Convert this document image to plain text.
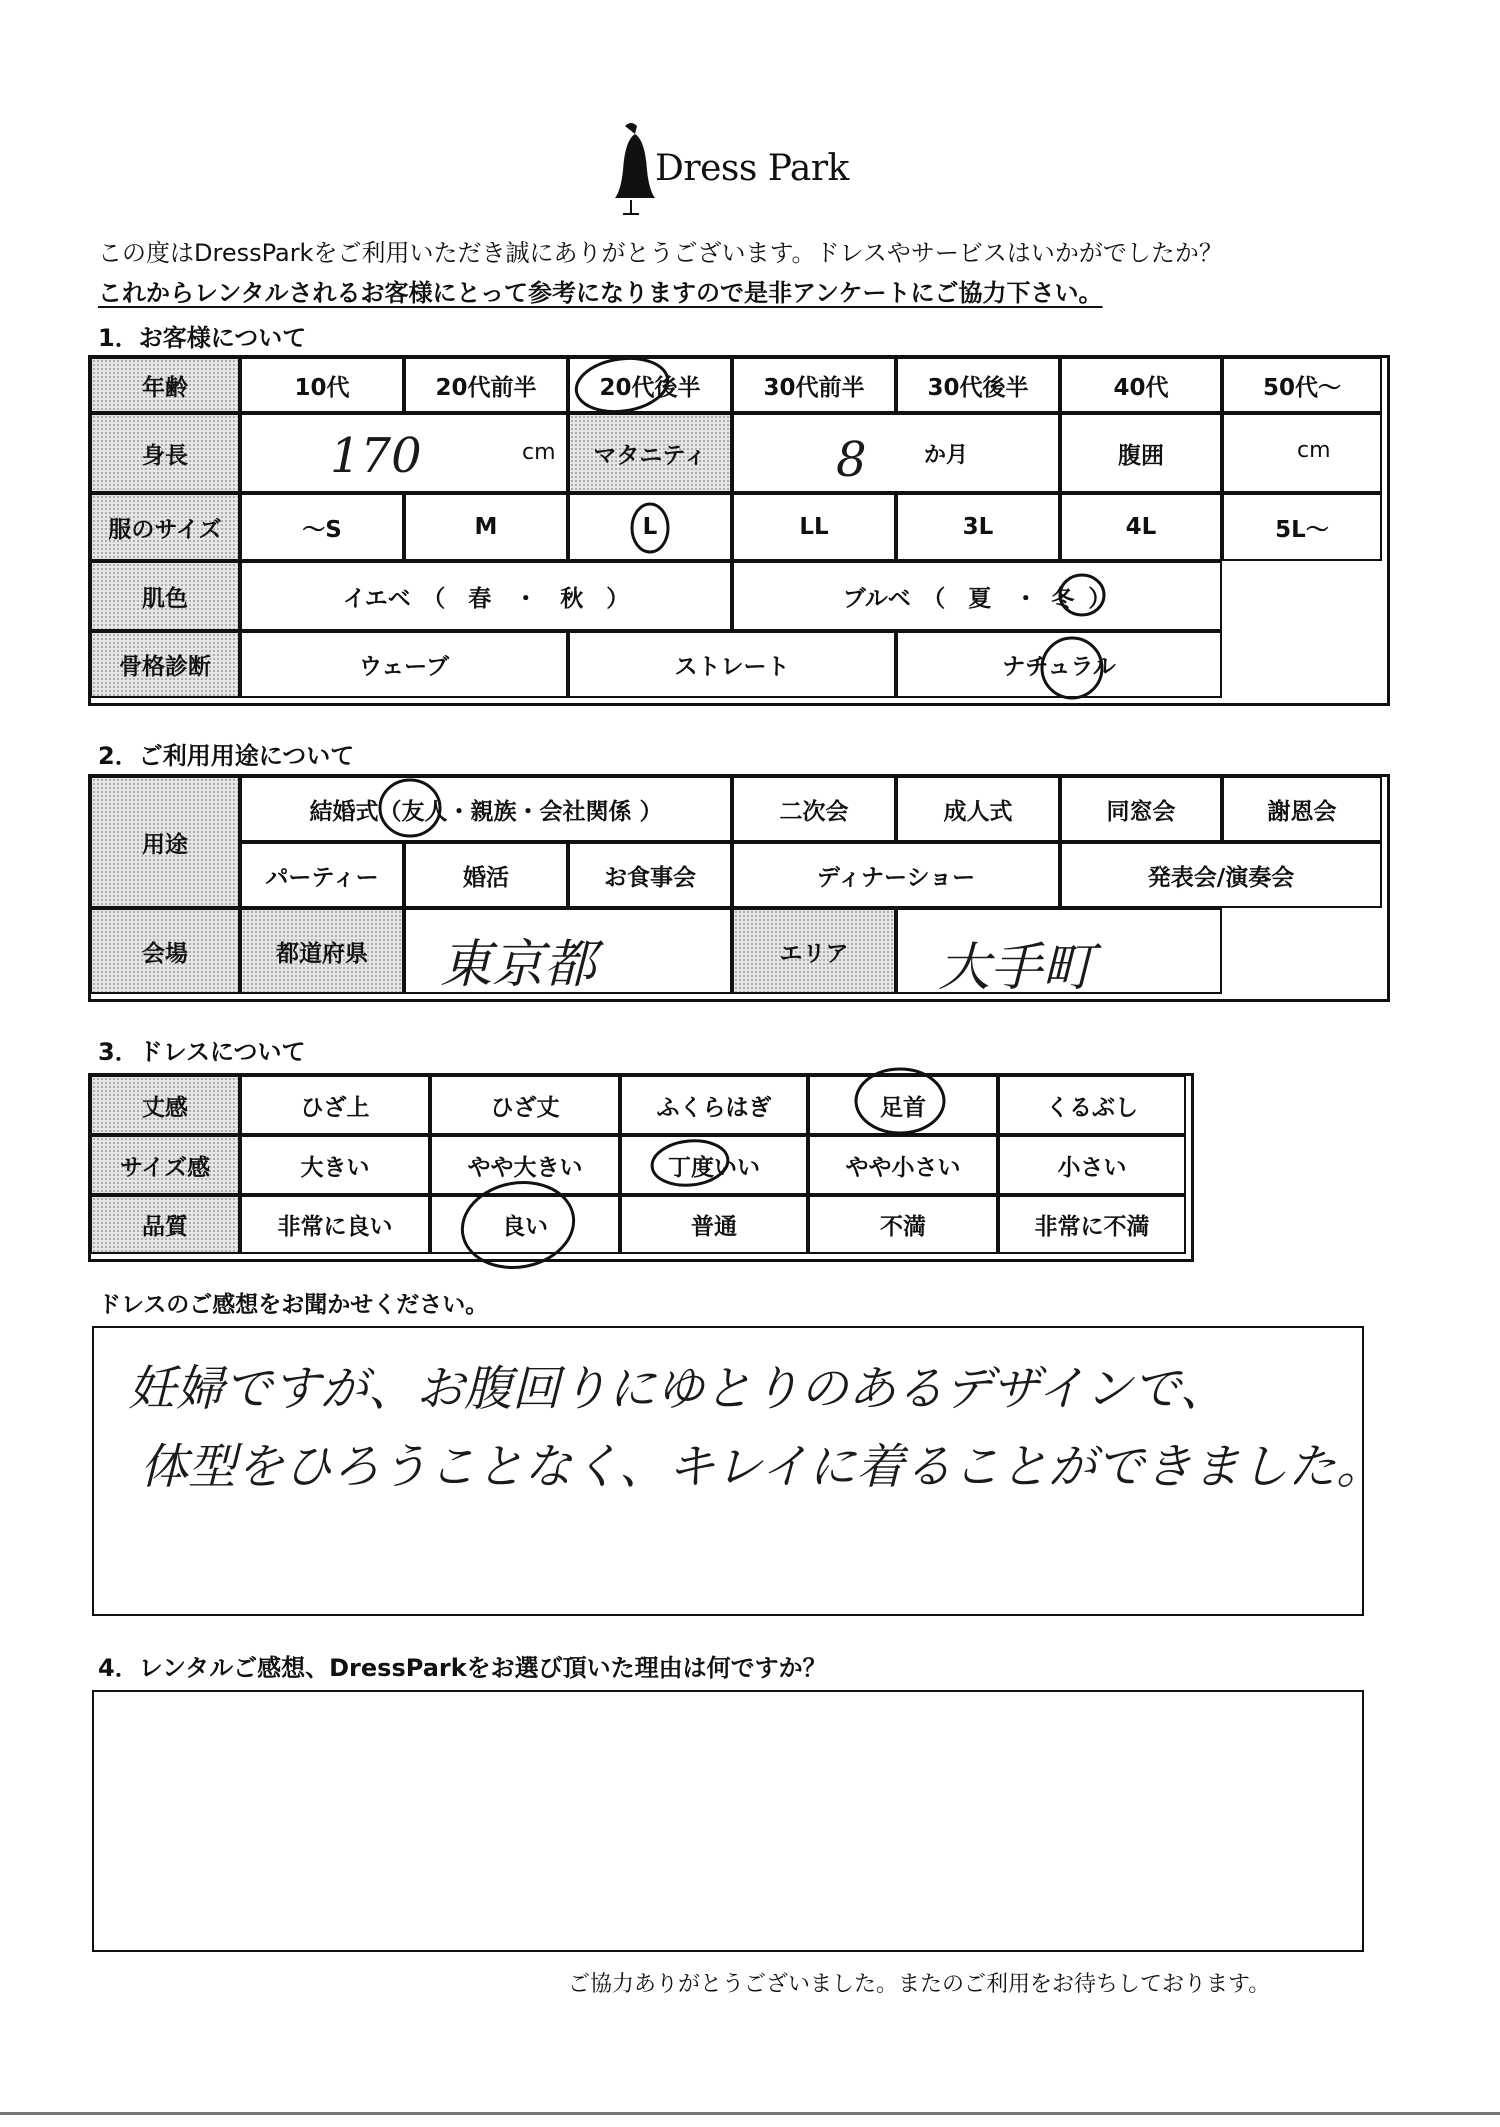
Dress Park
この度はDressParkをご利用いただき誠にありがとうございます。ドレスやサービスはいかがでしたか？
これからレンタルされるお客様にとって参考になりますので是非アンケートにご協力下さい。
1．お客様について
年齢	10代	20代前半	20代後半	30代前半	30代後半	40代	50代～
身長	170	cm	マタニティ	8	か月	腹囲	cm
服のサイズ	～S	M	L	LL	3L	4L	5L～
肌色	イエベ　（　春　・　秋　）	ブルベ　（　夏　・ 冬 ）
骨格診断	ウェーブ	ストレート	ナチュラル
2．ご利用用途について
用途
結婚式（ 友人 ・親族・会社関係 ）	二次会	成人式	同窓会	謝恩会
パーティー	婚活	お食事会	ディナーショー	発表会/演奏会
会場	都道府県	東京都	エリア	大手町
3．ドレスについて
丈感	ひざ上	ひざ丈	ふくらはぎ	足首	くるぶし
サイズ感	大きい	やや大きい	丁度いい	やや小さい	小さい
品質	非常に良い	良い	普通	不満	非常に不満
ドレスのご感想をお聞かせください。
妊婦ですが、お腹回りにゆとりのあるデザインで、
体型をひろうことなく、キレイに着ることができました。
4．レンタルご感想、DressParkをお選び頂いた理由は何ですか？
ご協力ありがとうございました。またのご利用をお待ちしております。
